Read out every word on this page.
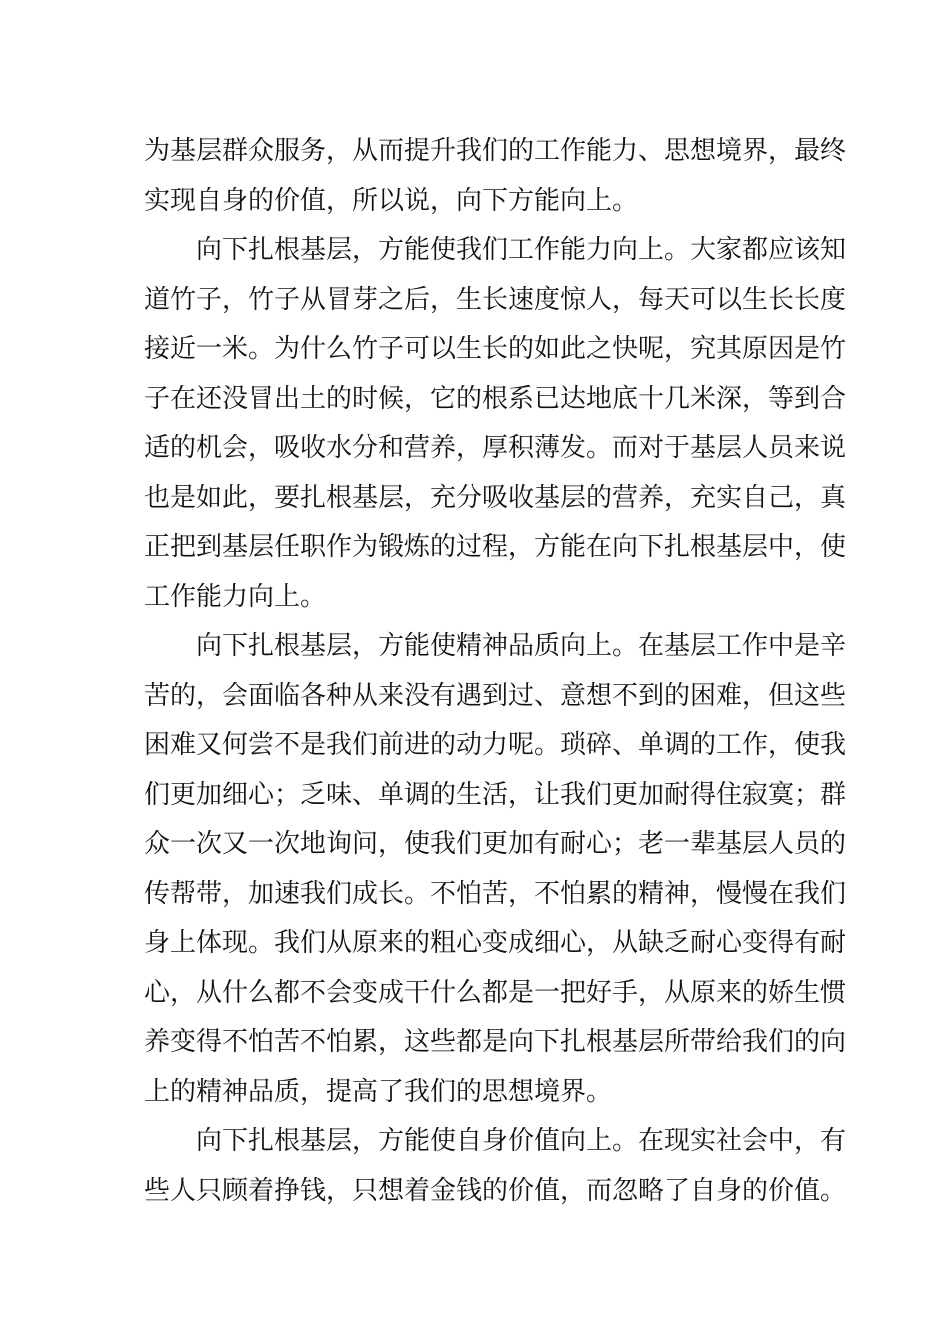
为基层群众服务，从而提升我们的工作能力、思想境界，最终
实现自身的价值，所以说，向下方能向上。
向下扎根基层，方能使我们工作能力向上。大家都应该知
道竹子，竹子从冒芽之后，生长速度惊人，每天可以生长长度
接近一米。为什么竹子可以生长的如此之快呢，究其原因是竹
子在还没冒出土的时候，它的根系已达地底十几米深，等到合
适的机会，吸收水分和营养，厚积薄发。而对于基层人员来说
也是如此，要扎根基层，充分吸收基层的营养，充实自己，真
正把到基层任职作为锻炼的过程，方能在向下扎根基层中，使
工作能力向上。
向下扎根基层，方能使精神品质向上。在基层工作中是辛
苦的，会面临各种从来没有遇到过、意想不到的困难，但这些
困难又何尝不是我们前进的动力呢。琐碎、单调的工作，使我
们更加细心；乏味、单调的生活，让我们更加耐得住寂寞；群
众一次又一次地询问，使我们更加有耐心；老一辈基层人员的
传帮带，加速我们成长。不怕苦，不怕累的精神，慢慢在我们
身上体现。我们从原来的粗心变成细心，从缺乏耐心变得有耐
心，从什么都不会变成干什么都是一把好手，从原来的娇生惯
养变得不怕苦不怕累，这些都是向下扎根基层所带给我们的向
上的精神品质，提高了我们的思想境界。
向下扎根基层，方能使自身价值向上。在现实社会中，有
些人只顾着挣钱，只想着金钱的价值，而忽略了自身的价值。
